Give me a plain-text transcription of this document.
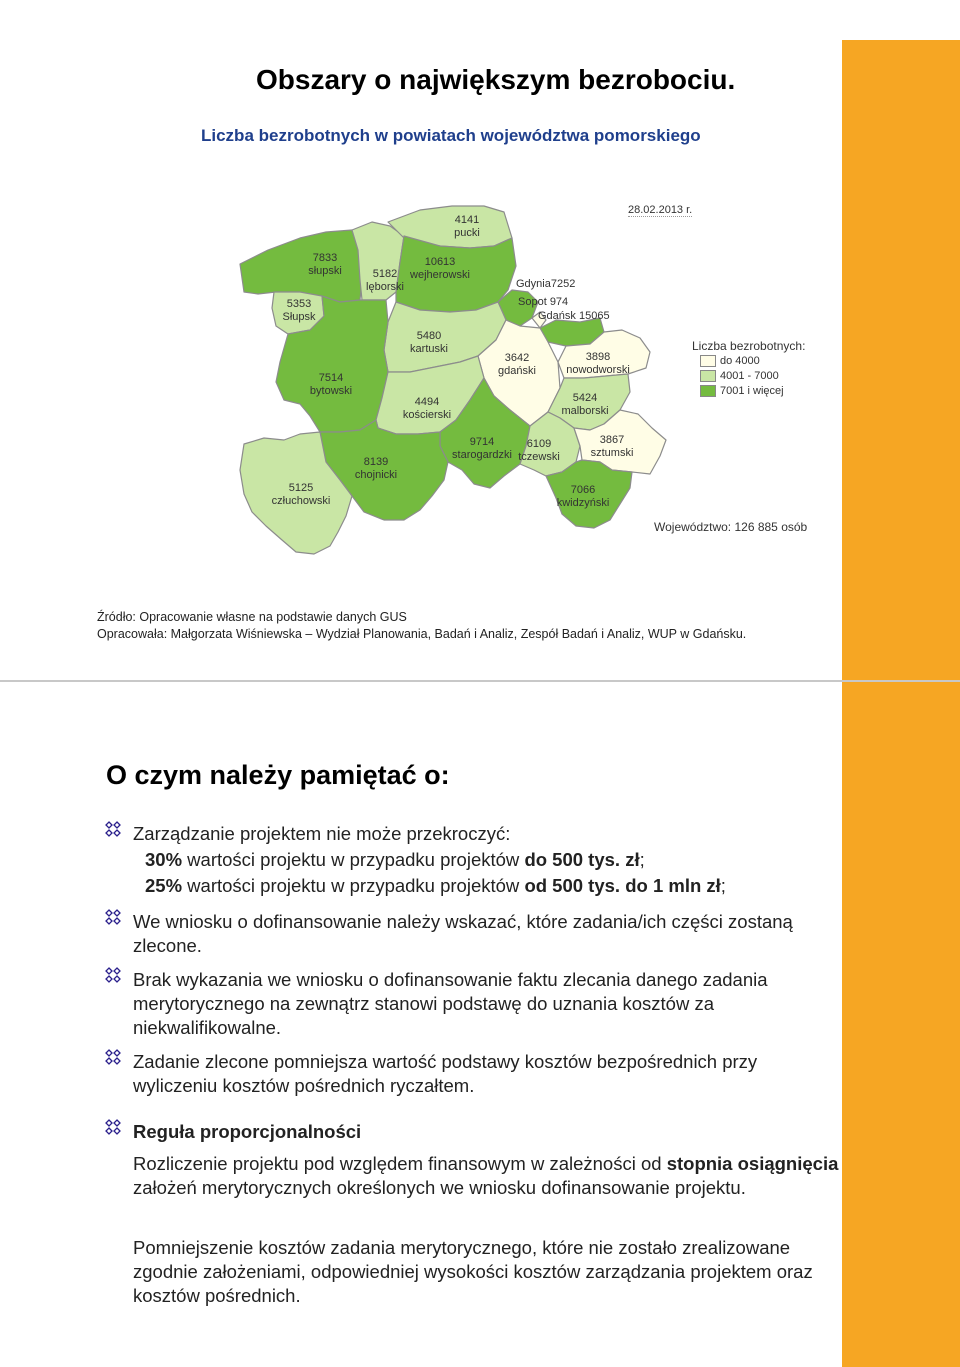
Obszary o największym bezrobociu.
Liczba bezrobotnych w powiatach województwa pomorskiego
28.02.2013 r.
7833
słupski	5182
lęborski
4141
pucki
10613
wejherowski
5353
Słupsk
Gdynia7252
Sopot 974
Gdańsk 15065
5480
kartuski
3642
gdański
3898
nowodworski
7514
bytowski
4494
kościerski
5424
malborski
9714
starogardzki
6109
tczewski
3867
sztumski
8139
chojnicki
5125
człuchowski
7066
kwidzyński
Liczba bezrobotnych:
do 4000
4001 - 7000
7001 i więcej
Województwo: 126 885 osób
Źródło: Opracowanie własne na podstawie danych GUS
Opracowała: Małgorzata Wiśniewska – Wydział Planowania, Badań i Analiz, Zespół Badań i Analiz, WUP w Gdańsku.
O czym należy pamiętać o:
Zarządzanie projektem nie może przekroczyć:
30% wartości projektu w przypadku projektów do 500 tys. zł;
25% wartości projektu w przypadku projektów od 500 tys. do 1 mln zł;
We wniosku o dofinansowanie należy wskazać, które zadania/ich części zostaną zlecone.
Brak wykazania we wniosku o dofinansowanie faktu zlecania danego zadania merytorycznego na zewnątrz stanowi podstawę do uznania kosztów za niekwalifikowalne.
Zadanie zlecone pomniejsza wartość podstawy kosztów bezpośrednich przy wyliczeniu kosztów pośrednich ryczałtem.
Reguła proporcjonalności
Rozliczenie projektu pod względem finansowym w zależności od stopnia osiągnięcia założeń merytorycznych określonych we wniosku dofinansowanie projektu.
Pomniejszenie kosztów zadania merytorycznego, które nie zostało zrealizowane zgodnie założeniami, odpowiedniej wysokości kosztów zarządzania projektem oraz kosztów pośrednich.
